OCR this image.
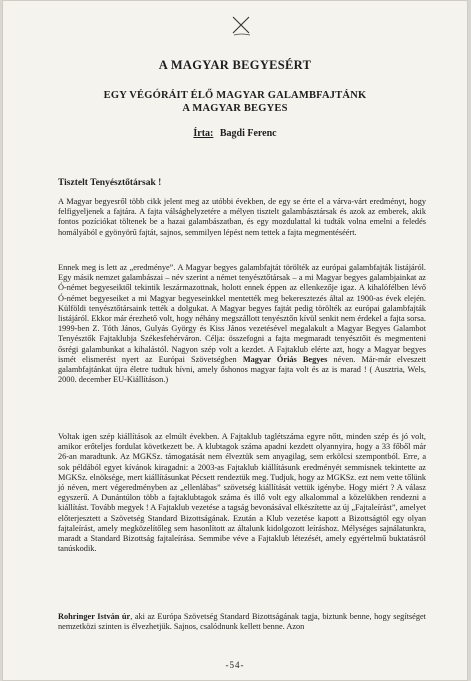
A MAGYAR BEGYESÉRT
EGY VÉGÓRÁIT ÉLŐ MAGYAR GALAMBFAJTÁNK
A MAGYAR BEGYES
Írta: Bagdi Ferenc
Tisztelt Tenyésztőtársak !

A Magyar begyesről több cikk jelent meg az utóbbi években, de egy se érte el a várva-várt eredményt, hogy felfigyeljenek a fajtára. A fajta válsághelyzetére a mélyen tisztelt galambásztársak és azok az emberek, akik fontos pozíciókat töltenek be a hazai galambászatban, és egy mozdulattal ki tudták volna emelni a feledés homályából e gyönyörű fajtát, sajnos, semmilyen lépést nem tettek a fajta megmentéséért.

Ennek meg is lett az „eredménye”. A Magyar begyes galambfajtát törölték az európai galambfajták listájáról. Egy másik nemzet galambászai – név szerint a német tenyésztőtársak – a mi Magyar begyes galambjainkat az Ó-német begyeseiktől tekintik leszármazottnak, holott ennek éppen az ellenkezője igaz. A kihalófélben lévő Ó-német begyeseiket a mi Magyar begyeseinkkel mentették meg bekeresztezés által az 1900-as évek elején. Külföldi tenyésztőtársaink tették a dolgukat. A Magyar begyes fajtát pedig törölték az európai galambfajták listájáról. Ekkor már érezhető volt, hogy néhány megszállott tenyésztőn kívül senkit nem érdekel a fajta sorsa. 1999-ben Z. Tóth János, Gulyás György és Kiss János vezetésével megalakult a Magyar Begyes Galambot Tenyésztők Fajtaklubja Székesfehérváron. Célja: összefogni a fajta megmaradt tenyésztőit és megmenteni ősrégi galambunkat a kihalástól. Nagyon szép volt a kezdet. A Fajtaklub elérte azt, hogy a Magyar begyes ismét elismerést nyert az Európai Szövetségben Magyar Óriás Begyes néven. Már-már elveszett galambfajtánkat újra életre tudtuk hívni, amely őshonos magyar fajta volt és az is marad ! ( Ausztria, Wels, 2000. december EU-Kiállításon.)

Voltak igen szép kiállítások az elmúlt években. A Fajtaklub taglétszáma egyre nőtt, minden szép és jó volt, amikor erőteljes fordulat következett be. A klubtagok száma apadni kezdett olyannyira, hogy a 33 főből már 26-an maradtunk. Az MGKSz. támogatását nem élveztük sem anyagilag, sem erkölcsi szempontból. Erre, a sok példából egyet kívánok kiragadni: a 2003-as Fajtaklub kiállításunk eredményét semmisnek tekintette az MGKSz. elnöksége, mert kiállításunkat Pécsett rendeztük meg. Tudjuk, hogy az MGKSz. ezt nem vette tőlünk jó néven, mert végeredményben az „ellenlábas” szövetség kiállítását vettük igénybe. Hogy miért ? A válasz egyszerű. A Dunántúlon több a fajtaklubtagok száma és illő volt egy alkalommal a közelükben rendezni a kiállítást. Tovább megyek ! A Fajtaklub vezetése a tagság bevonásával elkészítette az új „Fajtaleírást”, amelyet előterjesztett a Szövetség Standard Bizottságának. Ezután a Klub vezetése kapott a Bizottságtól egy olyan fajtaleírást, amely megközelítőleg sem hasonlított az általunk kidolgozott leíráshoz. Mélységes sajnálatunkra, maradt a Standard Bizottság fajtaleírása. Semmibe véve a Fajtaklub létezését, amely egyértelmű buktatásról tanúskodik.

Rohringer István úr, aki az Európa Szövetség Standard Bizottságának tagja, biztunk benne, hogy segítséget nemzetközi szinten is élvezhetjük. Sajnos, csalódnunk kellett benne. Azon

-54-
